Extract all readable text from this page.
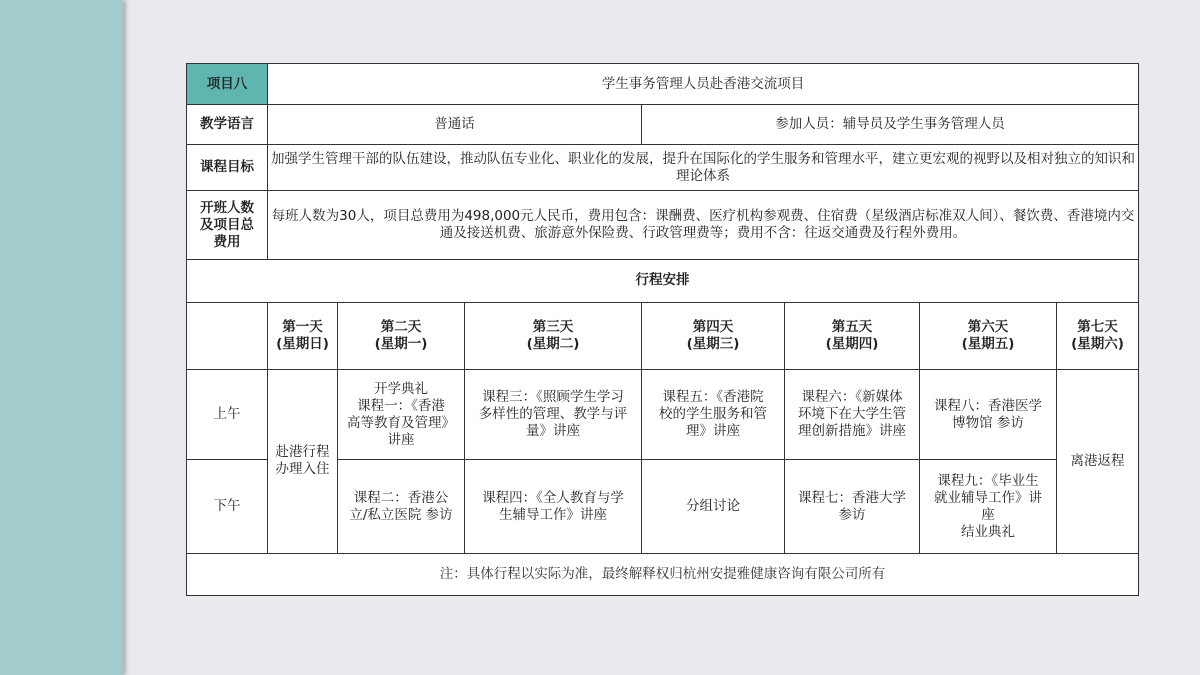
项目八	学生事务管理人员赴香港交流项目						
教学语言	普通话			参加人员：辅导员及学生事务管理人员			
课程目标	加强学生管理干部的队伍建设，推动队伍专业化、职业化的发展，提升在国际化的学生服务和管理水平，建立更宏观的视野以及相对独立的知识和理论体系						

开班人数
及项目总
费用	每班人数为30人，项目总费用为498,000元人民币，费用包含：课酬费、医疗机构参观费、住宿费（星级酒店标准双人间）、餐饮费、香港境内交通及接送机费、旅游意外保险费、行政管理费等；费用不含：往返交通费及行程外费用。						
行程安排							

	第一天
(星期日)	第二天
(星期一)	第三天
(星期二)	第四天
(星期三)	第五天
(星期四)	第六天
(星期五)	第七天
(星期六)

上午	赴港行程
办理入住	开学典礼
课程一：《香港
高等教育及管理》
讲座	课程三：《照顾学生学习
多样性的管理、教学与评
量》讲座	课程五：《香港院
校的学生服务和管
理》讲座	课程六：《新媒体
环境下在大学生管
理创新措施》讲座	课程八：香港医学
博物馆 参访	离港返程
下午		课程二：香港公
立/私立医院 参访	课程四：《全人教育与学
生辅导工作》讲座	分组讨论	课程七：香港大学
参访	课程九：《毕业生
就业辅导工作》讲
座
结业典礼	

注：具体行程以实际为准，最终解释权归杭州安提雅健康咨询有限公司所有							
